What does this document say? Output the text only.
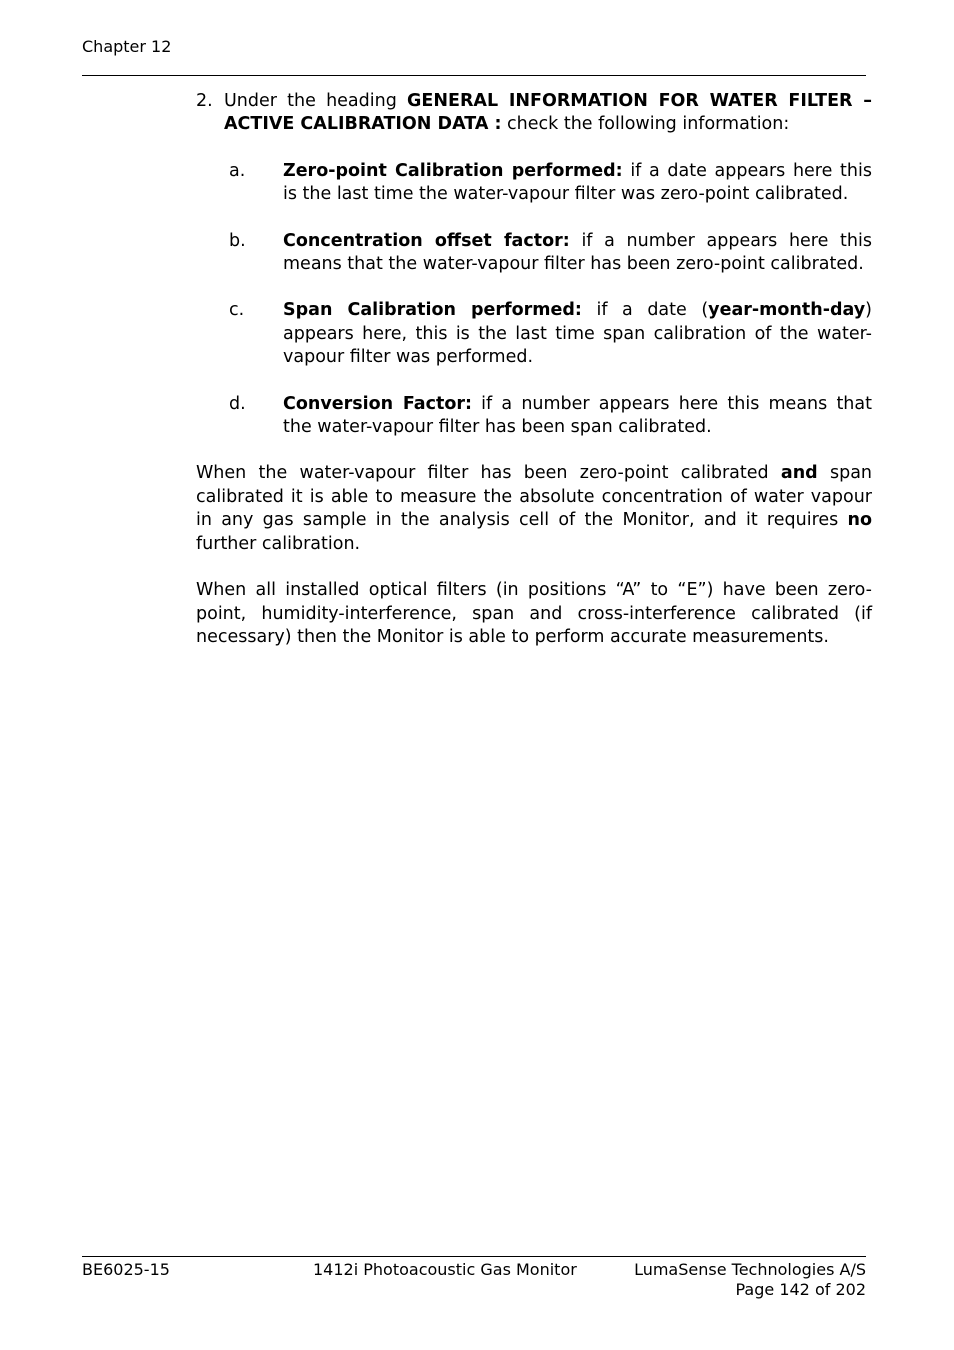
Chapter 12
2. Under the heading GENERAL INFORMATION FOR WATER FILTER – ACTIVE CALIBRATION DATA : check the following information:
a. Zero-point Calibration performed: if a date appears here this is the last time the water-vapour filter was zero-point calibrated.
b. Concentration offset factor: if a number appears here this means that the water-vapour filter has been zero-point calibrated.
c. Span Calibration performed: if a date (year-month-day) appears here, this is the last time span calibration of the water-vapour filter was performed.
d. Conversion Factor: if a number appears here this means that the water-vapour filter has been span calibrated.

When the water-vapour filter has been zero-point calibrated and span calibrated it is able to measure the absolute concentration of water vapour in any gas sample in the analysis cell of the Monitor, and it requires no further calibration.

When all installed optical filters (in positions “A” to “E”) have been zero-point, humidity-interference, span and cross-interference calibrated (if necessary) then the Monitor is able to perform accurate measurements.

BE6025-15	1412i Photoacoustic Gas Monitor	LumaSense Technologies A/S
Page 142 of 202
